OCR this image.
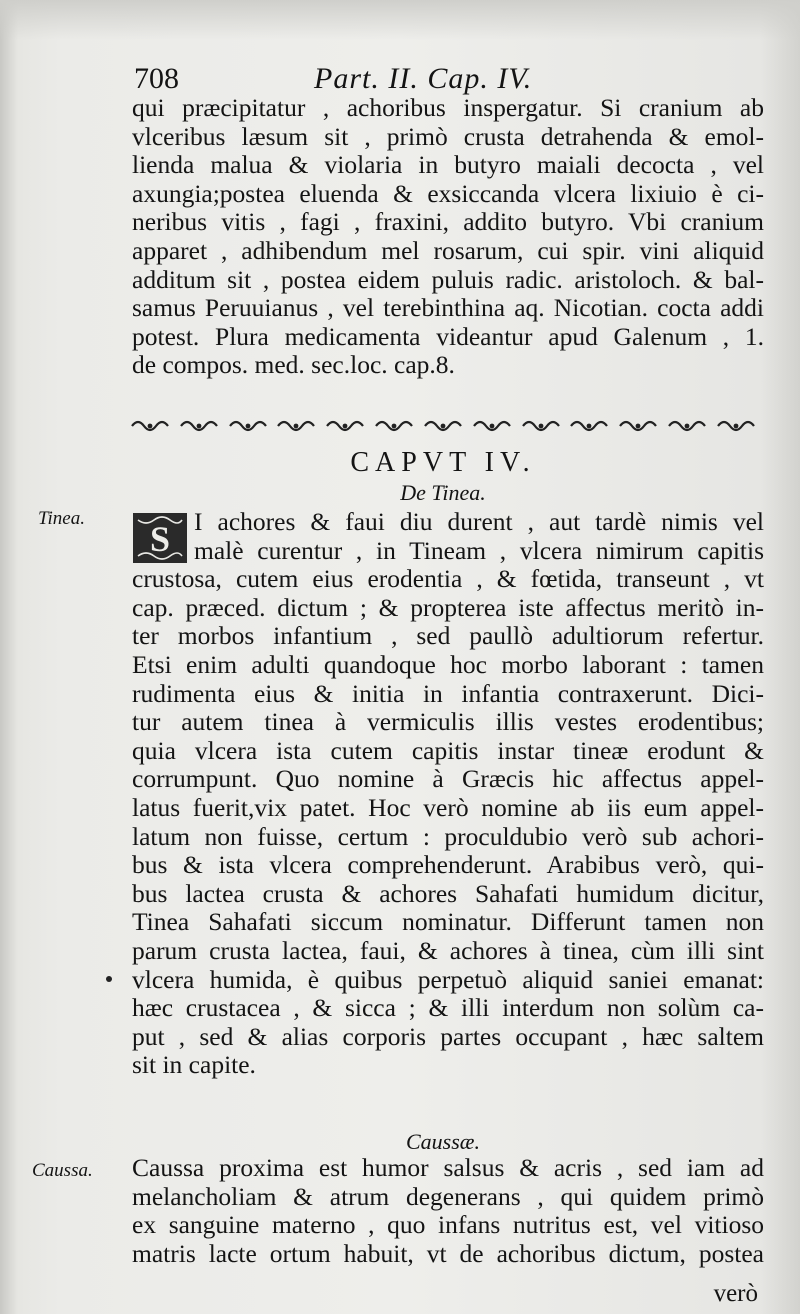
708	Part. II. Cap. IV.
qui præcipitatur , achoribus inspergatur. Si cranium ab
vlceribus læsum sit , primò crusta detrahenda & emol-
lienda malua & violaria in butyro maiali decocta , vel
axungia;postea eluenda & exsiccanda vlcera lixiuio è ci-
neribus vitis , fagi , fraxini, addito butyro. Vbi cranium
apparet , adhibendum mel rosarum, cui spir. vini aliquid
additum sit , postea eidem puluis radic. aristoloch. & bal-
samus Peruuianus , vel terebinthina aq. Nicotian. cocta addi
potest. Plura medicamenta videantur apud Galenum , 1.
de compos. med. sec.loc. cap.8.
CAPVT IV.
De Tinea.
Tinea.
S I achores & faui diu durent , aut tardè nimis vel
malè curentur , in Tineam , vlcera nimirum capitis
crustosa, cutem eius erodentia , & fœtida, transeunt , vt
cap. præced. dictum ; & propterea iste affectus meritò in-
ter morbos infantium , sed paullò adultiorum refertur.
Etsi enim adulti quandoque hoc morbo laborant : tamen
rudimenta eius & initia in infantia contraxerunt. Dici-
tur autem tinea à vermiculis illis vestes erodentibus;
quia vlcera ista cutem capitis instar tineæ erodunt &
corrumpunt. Quo nomine à Græcis hic affectus appel-
latus fuerit,vix patet. Hoc verò nomine ab iis eum appel-
latum non fuisse, certum : proculdubio verò sub achori-
bus & ista vlcera comprehenderunt. Arabibus verò, qui-
bus lactea crusta & achores Sahafati humidum dicitur,
Tinea Sahafati siccum nominatur. Differunt tamen non
parum crusta lactea, faui, & achores à tinea, cùm illi sint
vlcera humida, è quibus perpetuò aliquid saniei emanat:
hæc crustacea , & sicca ; & illi interdum non solùm ca-
put , sed & alias corporis partes occupant , hæc saltem
sit in capite.
Caussæ.
Caussa. Caussa proxima est humor salsus & acris , sed iam ad
melancholiam & atrum degenerans , qui quidem primò
ex sanguine materno , quo infans nutritus est, vel vitioso
matris lacte ortum habuit, vt de achoribus dictum, postea
verò
